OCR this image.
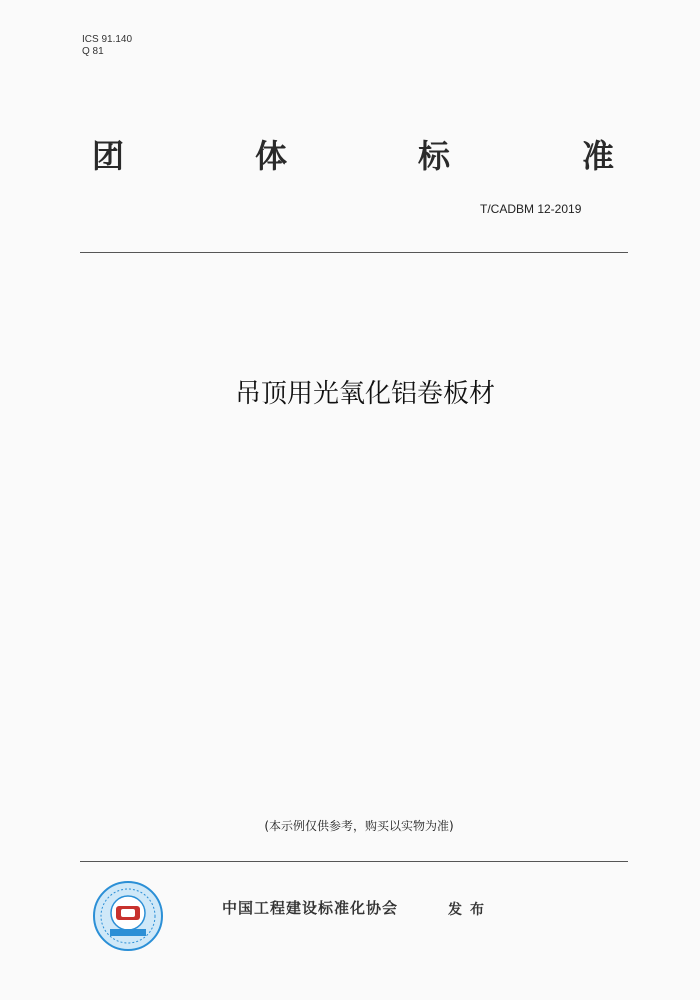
ICS 91.140
Q 81
团	体	标	准
T/CADBM 12-2019
吊顶用光氧化铝卷板材
(本示例仅供参考，购买以实物为准)
中国工程建设标准化协会	发布
